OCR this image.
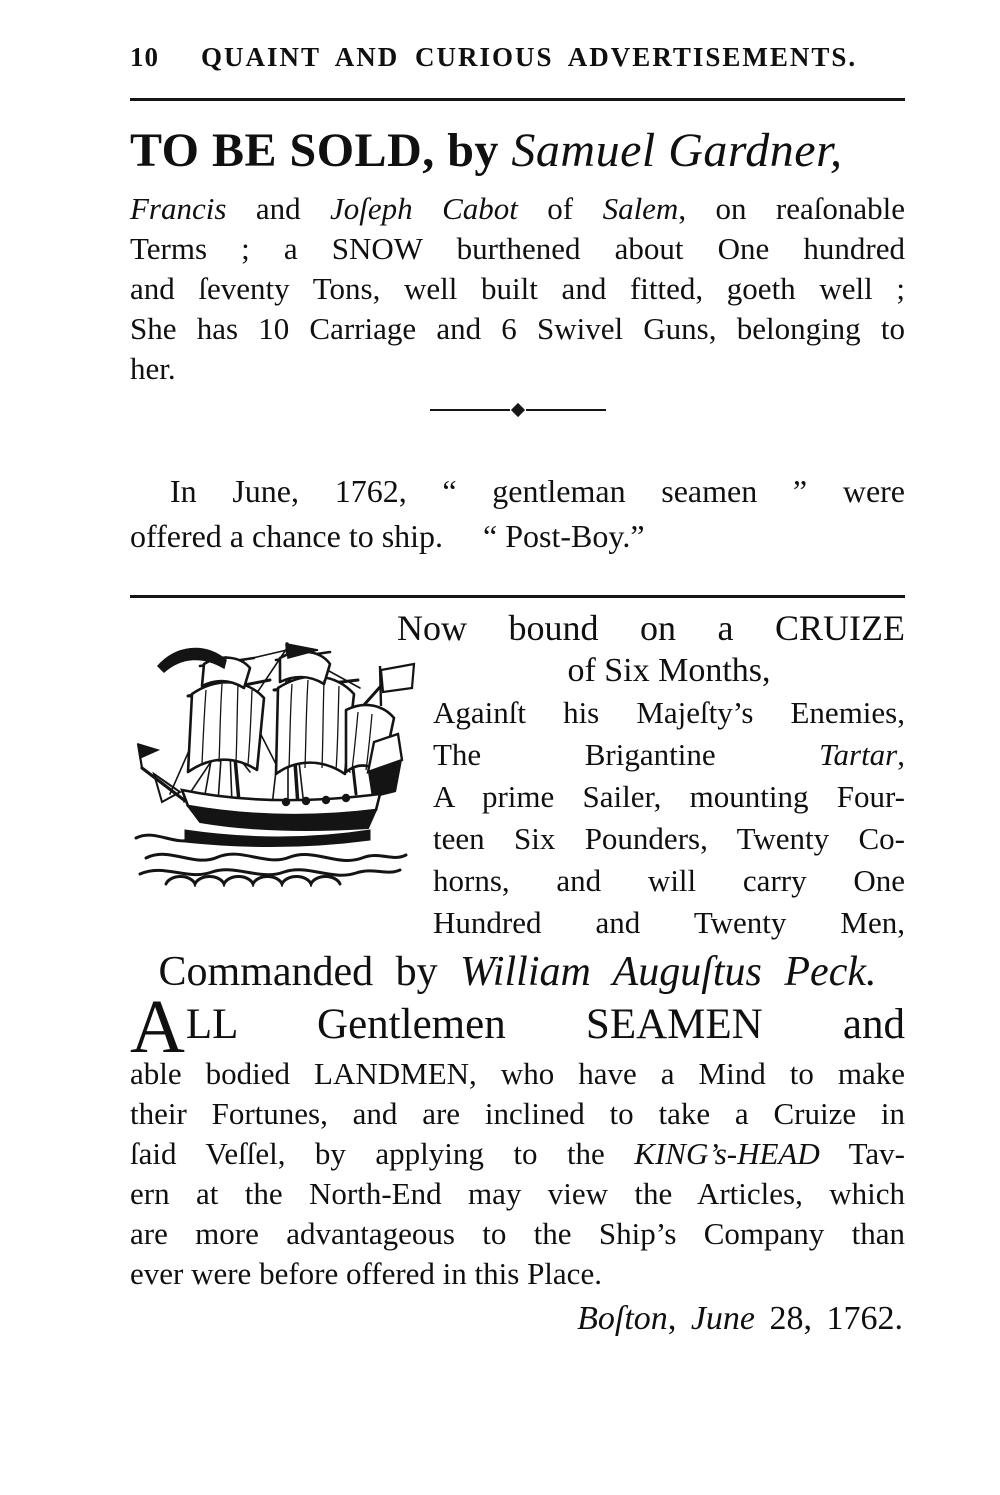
10 QUAINT AND CURIOUS ADVERTISEMENTS.
TO BE SOLD, by Samuel Gardner,
Francis and Joſeph Cabot of Salem, on reaſonable
Terms ; a SNOW burthened about One hundred
and ſeventy Tons, well built and fitted, goeth well ;
She has 10 Carriage and 6 Swivel Guns, belonging to
her.
In June, 1762, “ gentleman seamen ” were
offered a chance to ship.  “ Post-Boy.”
Now bound on a CRUIZE
of Six Months,
Againſt his Majeſty’s Enemies,
The Brigantine Tartar,
A prime Sailer, mounting Four-
teen Six Pounders, Twenty Co-
horns, and will carry One
Hundred and Twenty Men,
Commanded by William Auguſtus Peck.
ALL Gentlemen SEAMEN and
able bodied LANDMEN, who have a Mind to make
their Fortunes, and are inclined to take a Cruize in
ſaid Veſſel, by applying to the KING’s-HEAD Tav-
ern at the North-End may view the Articles, which
are more advantageous to the Ship’s Company than
ever were before offered in this Place.
Boſton, June 28, 1762.
